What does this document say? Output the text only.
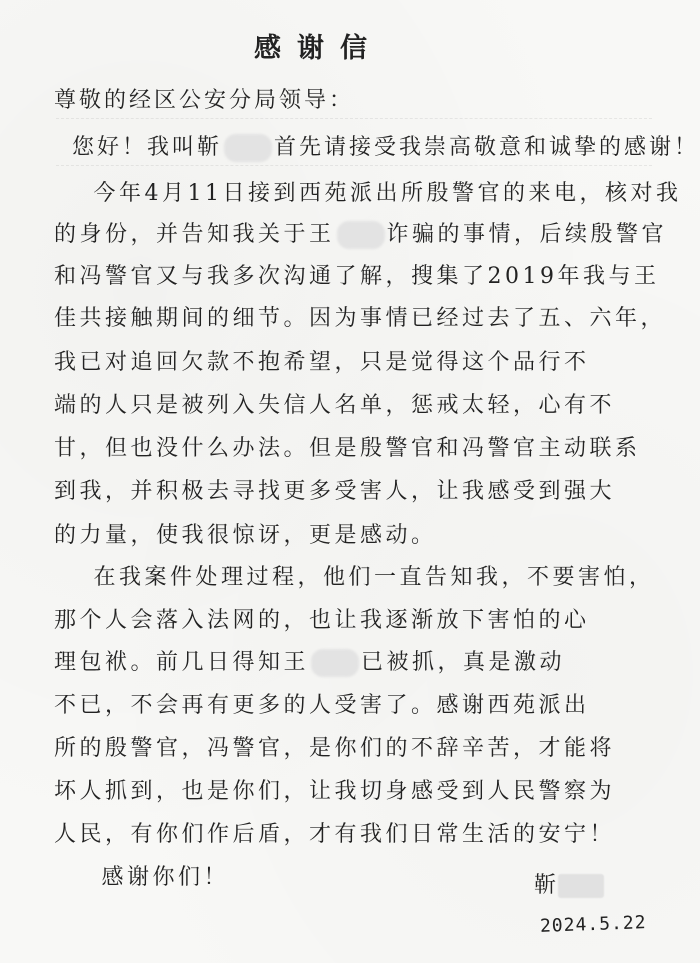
感谢信
尊敬的经区公安分局领导：
您好！我叫靳 首先请接受我崇高敬意和诚挚的感谢！
　今年4月11日接到西苑派出所殷警官的来电，核对我
的身份，并告知我关于王 诈骗的事情，后续殷警官
和冯警官又与我多次沟通了解，搜集了2019年我与王
佳共接触期间的细节。因为事情已经过去了五、六年，
我已对追回欠款不抱希望，只是觉得这个品行不
端的人只是被列入失信人名单，惩戒太轻，心有不
甘，但也没什么办法。但是殷警官和冯警官主动联系
到我，并积极去寻找更多受害人，让我感受到强大
的力量，使我很惊讶，更是感动。
　在我案件处理过程，他们一直告知我，不要害怕，
那个人会落入法网的，也让我逐渐放下害怕的心
理包袱。前几日得知王 已被抓，真是激动
不已，不会再有更多的人受害了。感谢西苑派出
所的殷警官，冯警官，是你们的不辞辛苦，才能将
坏人抓到，也是你们，让我切身感受到人民警察为
人民，有你们作后盾，才有我们日常生活的安宁！
　感谢你们！	靳
2024.5.22
